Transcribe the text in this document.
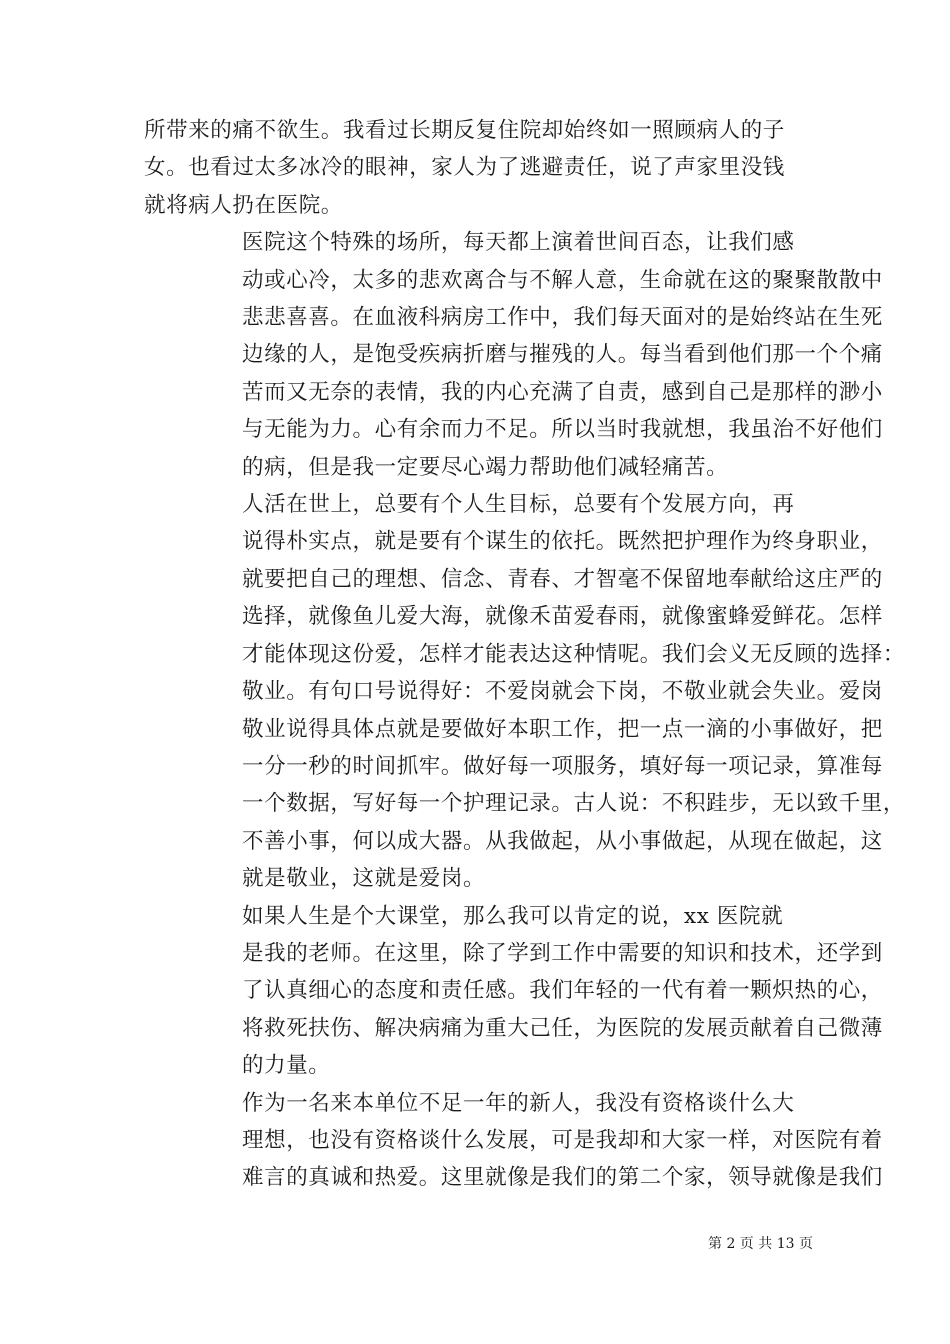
所带来的痛不欲生。我看过长期反复住院却始终如一照顾病人的子
女。也看过太多冰冷的眼神，家人为了逃避责任，说了声家里没钱
就将病人扔在医院。

医院这个特殊的场所，每天都上演着世间百态，让我们感
动或心冷，太多的悲欢离合与不解人意，生命就在这的聚聚散散中
悲悲喜喜。在血液科病房工作中，我们每天面对的是始终站在生死
边缘的人，是饱受疾病折磨与摧残的人。每当看到他们那一个个痛
苦而又无奈的表情，我的内心充满了自责，感到自己是那样的渺小
与无能为力。心有余而力不足。所以当时我就想，我虽治不好他们
的病，但是我一定要尽心竭力帮助他们减轻痛苦。

人活在世上，总要有个人生目标，总要有个发展方向，再
说得朴实点，就是要有个谋生的依托。既然把护理作为终身职业，
就要把自己的理想、信念、青春、才智毫不保留地奉献给这庄严的
选择，就像鱼儿爱大海，就像禾苗爱春雨，就像蜜蜂爱鲜花。怎样
才能体现这份爱，怎样才能表达这种情呢。我们会义无反顾的选择：
敬业。有句口号说得好：不爱岗就会下岗，不敬业就会失业。爱岗
敬业说得具体点就是要做好本职工作，把一点一滴的小事做好，把
一分一秒的时间抓牢。做好每一项服务，填好每一项记录，算准每
一个数据，写好每一个护理记录。古人说：不积跬步，无以致千里，
不善小事，何以成大器。从我做起，从小事做起，从现在做起，这
就是敬业，这就是爱岗。

如果人生是个大课堂，那么我可以肯定的说，xx 医院就
是我的老师。在这里，除了学到工作中需要的知识和技术，还学到
了认真细心的态度和责任感。我们年轻的一代有着一颗炽热的心，
将救死扶伤、解决病痛为重大己任，为医院的发展贡献着自己微薄
的力量。

作为一名来本单位不足一年的新人，我没有资格谈什么大
理想，也没有资格谈什么发展，可是我却和大家一样，对医院有着
难言的真诚和热爱。这里就像是我们的第二个家，领导就像是我们

第 2 页 共 13 页
